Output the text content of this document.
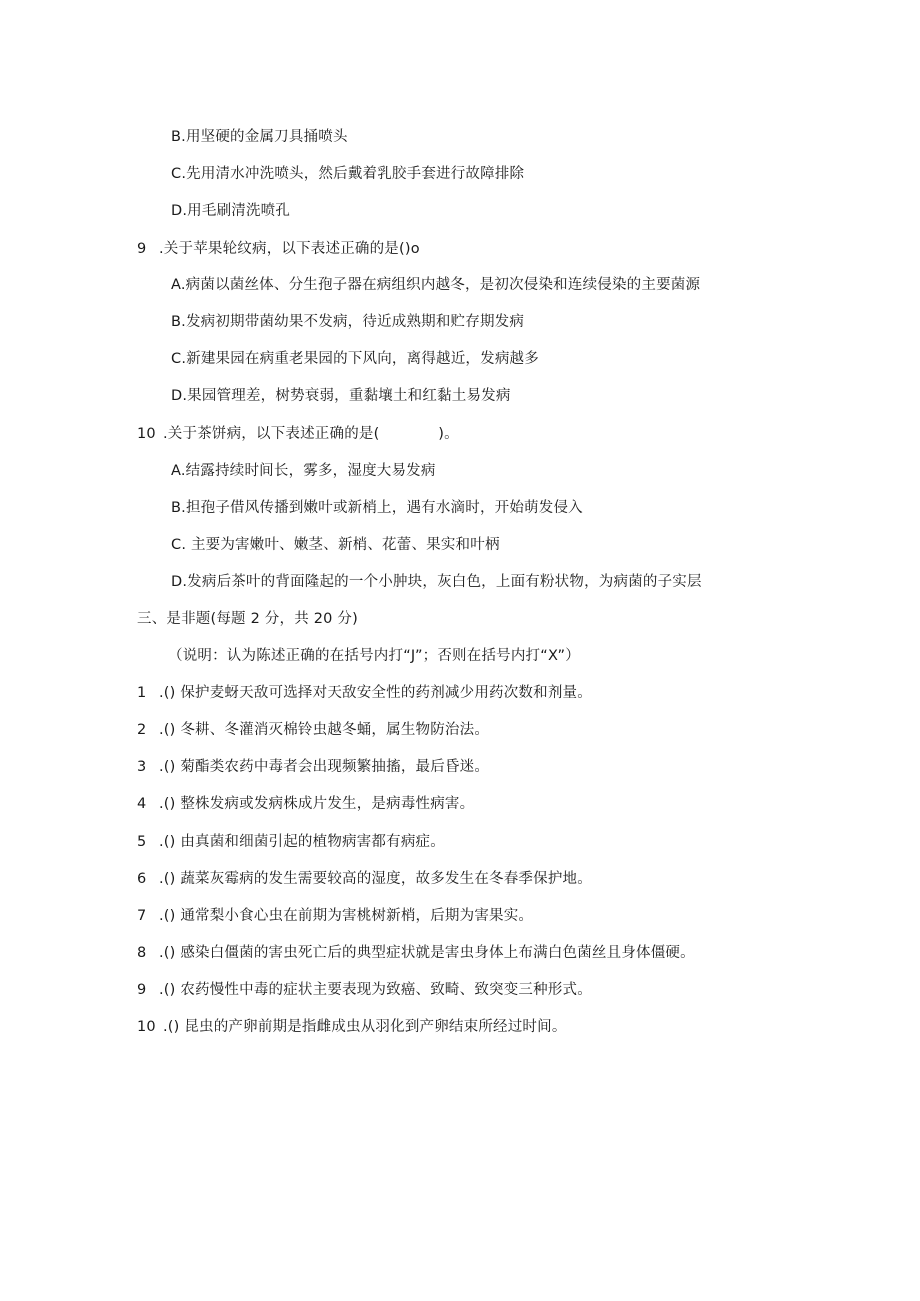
B.用坚硬的金属刀具捅喷头
C.先用清水冲洗喷头，然后戴着乳胶手套进行故障排除
D.用毛刷清洗喷孔
9 .关于苹果轮纹病，以下表述正确的是()o
A.病菌以菌丝体、分生孢子器在病组织内越冬，是初次侵染和连续侵染的主要菌源
B.发病初期带菌幼果不发病，待近成熟期和贮存期发病
C.新建果园在病重老果园的下风向，离得越近，发病越多
D.果园管理差，树势衰弱，重黏壤土和红黏土易发病
10 .关于茶饼病，以下表述正确的是(　　　　)。
A.结露持续时间长，雾多，湿度大易发病
B.担孢子借风传播到嫩叶或新梢上，遇有水滴时，开始萌发侵入
C. 主要为害嫩叶、嫩茎、新梢、花蕾、果实和叶柄
D.发病后茶叶的背面隆起的一个小肿块，灰白色，上面有粉状物，为病菌的子实层
三、是非题(每题 2 分，共 20 分)
（说明：认为陈述正确的在括号内打“J”；否则在括号内打“X”）
1 .() 保护麦蚜天敌可选择对天敌安全性的药剂减少用药次数和剂量。
2 .() 冬耕、冬灌消灭棉铃虫越冬蛹，属生物防治法。
3 .() 菊酯类农药中毒者会出现频繁抽搐，最后昏迷。
4 .() 整株发病或发病株成片发生，是病毒性病害。
5 .() 由真菌和细菌引起的植物病害都有病症。
6 .() 蔬菜灰霉病的发生需要较高的湿度，故多发生在冬春季保护地。
7 .() 通常梨小食心虫在前期为害桃树新梢，后期为害果实。
8 .() 感染白僵菌的害虫死亡后的典型症状就是害虫身体上布满白色菌丝且身体僵硬。
9 .() 农药慢性中毒的症状主要表现为致癌、致畸、致突变三种形式。
10 .() 昆虫的产卵前期是指雌成虫从羽化到产卵结束所经过时间。
